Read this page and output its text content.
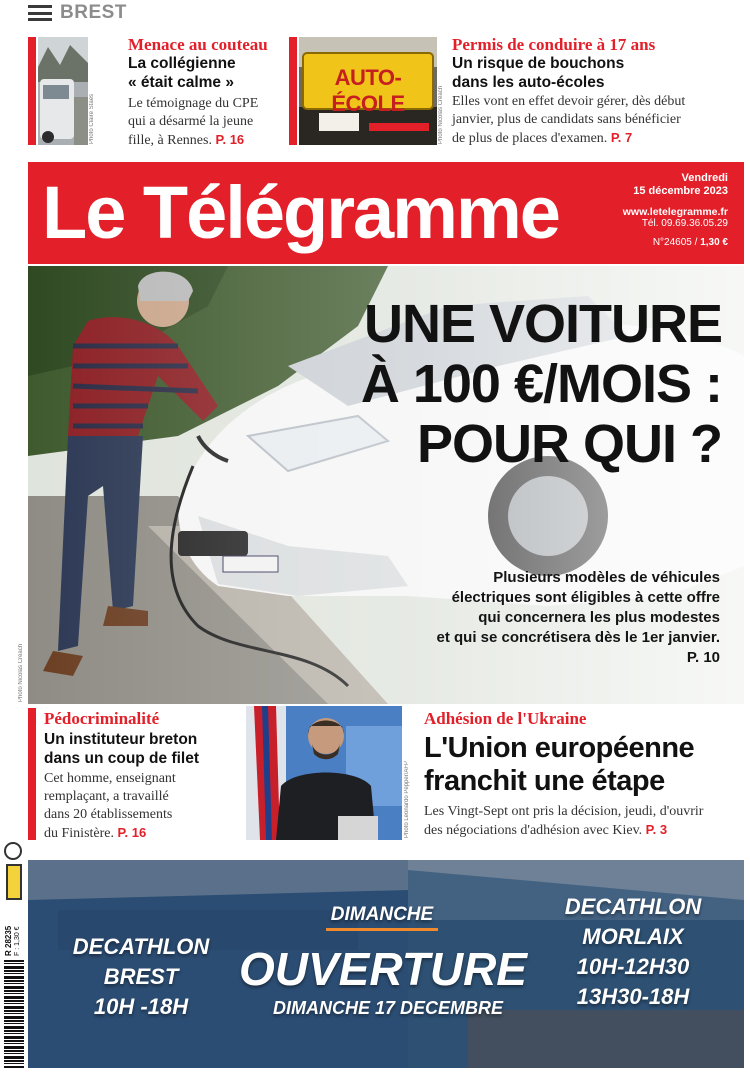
BREST
Photo Claire Staes
Menace au couteau
La collégienne
« était calme »
Le témoignage du CPE
qui a désarmé la jeune
fille, à Rennes. P. 16
AUTO-ÉCOLE	Photo Nicolas Créach
Permis de conduire à 17 ans
Un risque de bouchons
dans les auto-écoles
Elles vont en effet devoir gérer, dès début
janvier, plus de candidats sans bénéficier
de plus de places d'examen. P. 7
Le Télégramme	Vendredi
15 décembre 2023
www.letelegramme.fr
Tél. 09.69.36.05.29
N°24605 / 1,30 €
Photo Nicolas Créach
UNE VOITURE
À 100 €/MOIS :
POUR QUI ?
Plusieurs modèles de véhicules
électriques sont éligibles à cette offre
qui concernera les plus modestes
et qui se concrétisera dès le 1er janvier.
P. 10
Pédocriminalité
Un instituteur breton
dans un coup de filet
Cet homme, enseignant
remplaçant, a travaillé
dans 20 établissements
du Finistère. P. 16	Photo Leonardo Pepper/AFP
Adhésion de l'Ukraine
L'Union européenne
franchit une étape
Les Vingt-Sept ont pris la décision, jeudi, d'ouvrir
des négociations d'adhésion avec Kiev. P. 3
R 28235 F : 1,30 €	DECATHLON
BREST
10H -18H
DIMANCHE
OUVERTURE
DIMANCHE 17 DECEMBRE
DECATHLON
MORLAIX
10H-12H30
13H30-18H
